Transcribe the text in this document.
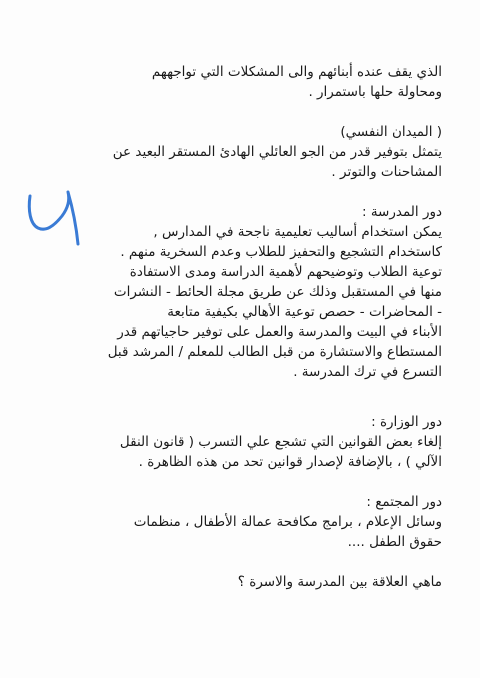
الذي يقف عنده أبنائهم والى المشكلات التي تواجههم

ومحاولة حلها باستمرار .

( الميدان النفسي)

يتمثل بتوفير قدر من الجو العائلي الهادئ المستقر البعيد عن

المشاحنات والتوتر .

دور المدرسة :

يمكن استخدام أساليب تعليمية ناجحة في المدارس ,

كاستخدام التشجيع والتحفيز للطلاب وعدم السخرية منهم .

توعية الطلاب وتوضيحهم لأهمية الدراسة ومدى الاستفادة

منها في المستقبل وذلك عن طريق مجلة الحائط - النشرات

- المحاضرات - حصص توعية الأهالي بكيفية متابعة

الأبناء في البيت والمدرسة والعمل على توفير حاجياتهم قدر

المستطاع والاستشارة من قبل الطالب للمعلم / المرشد قبل

التسرع في ترك المدرسة .

دور الوزارة :

إلغاء بعض القوانين التي تشجع علي التسرب ( قانون النقل

الآلي ) ، بالإضافة لإصدار قوانين تحد من هذه الظاهرة .

دور المجتمع :

وسائل الإعلام ، برامج مكافحة عمالة الأطفال ، منظمات

حقوق الطفل ....

ماهي العلاقة بين المدرسة والاسرة ؟
